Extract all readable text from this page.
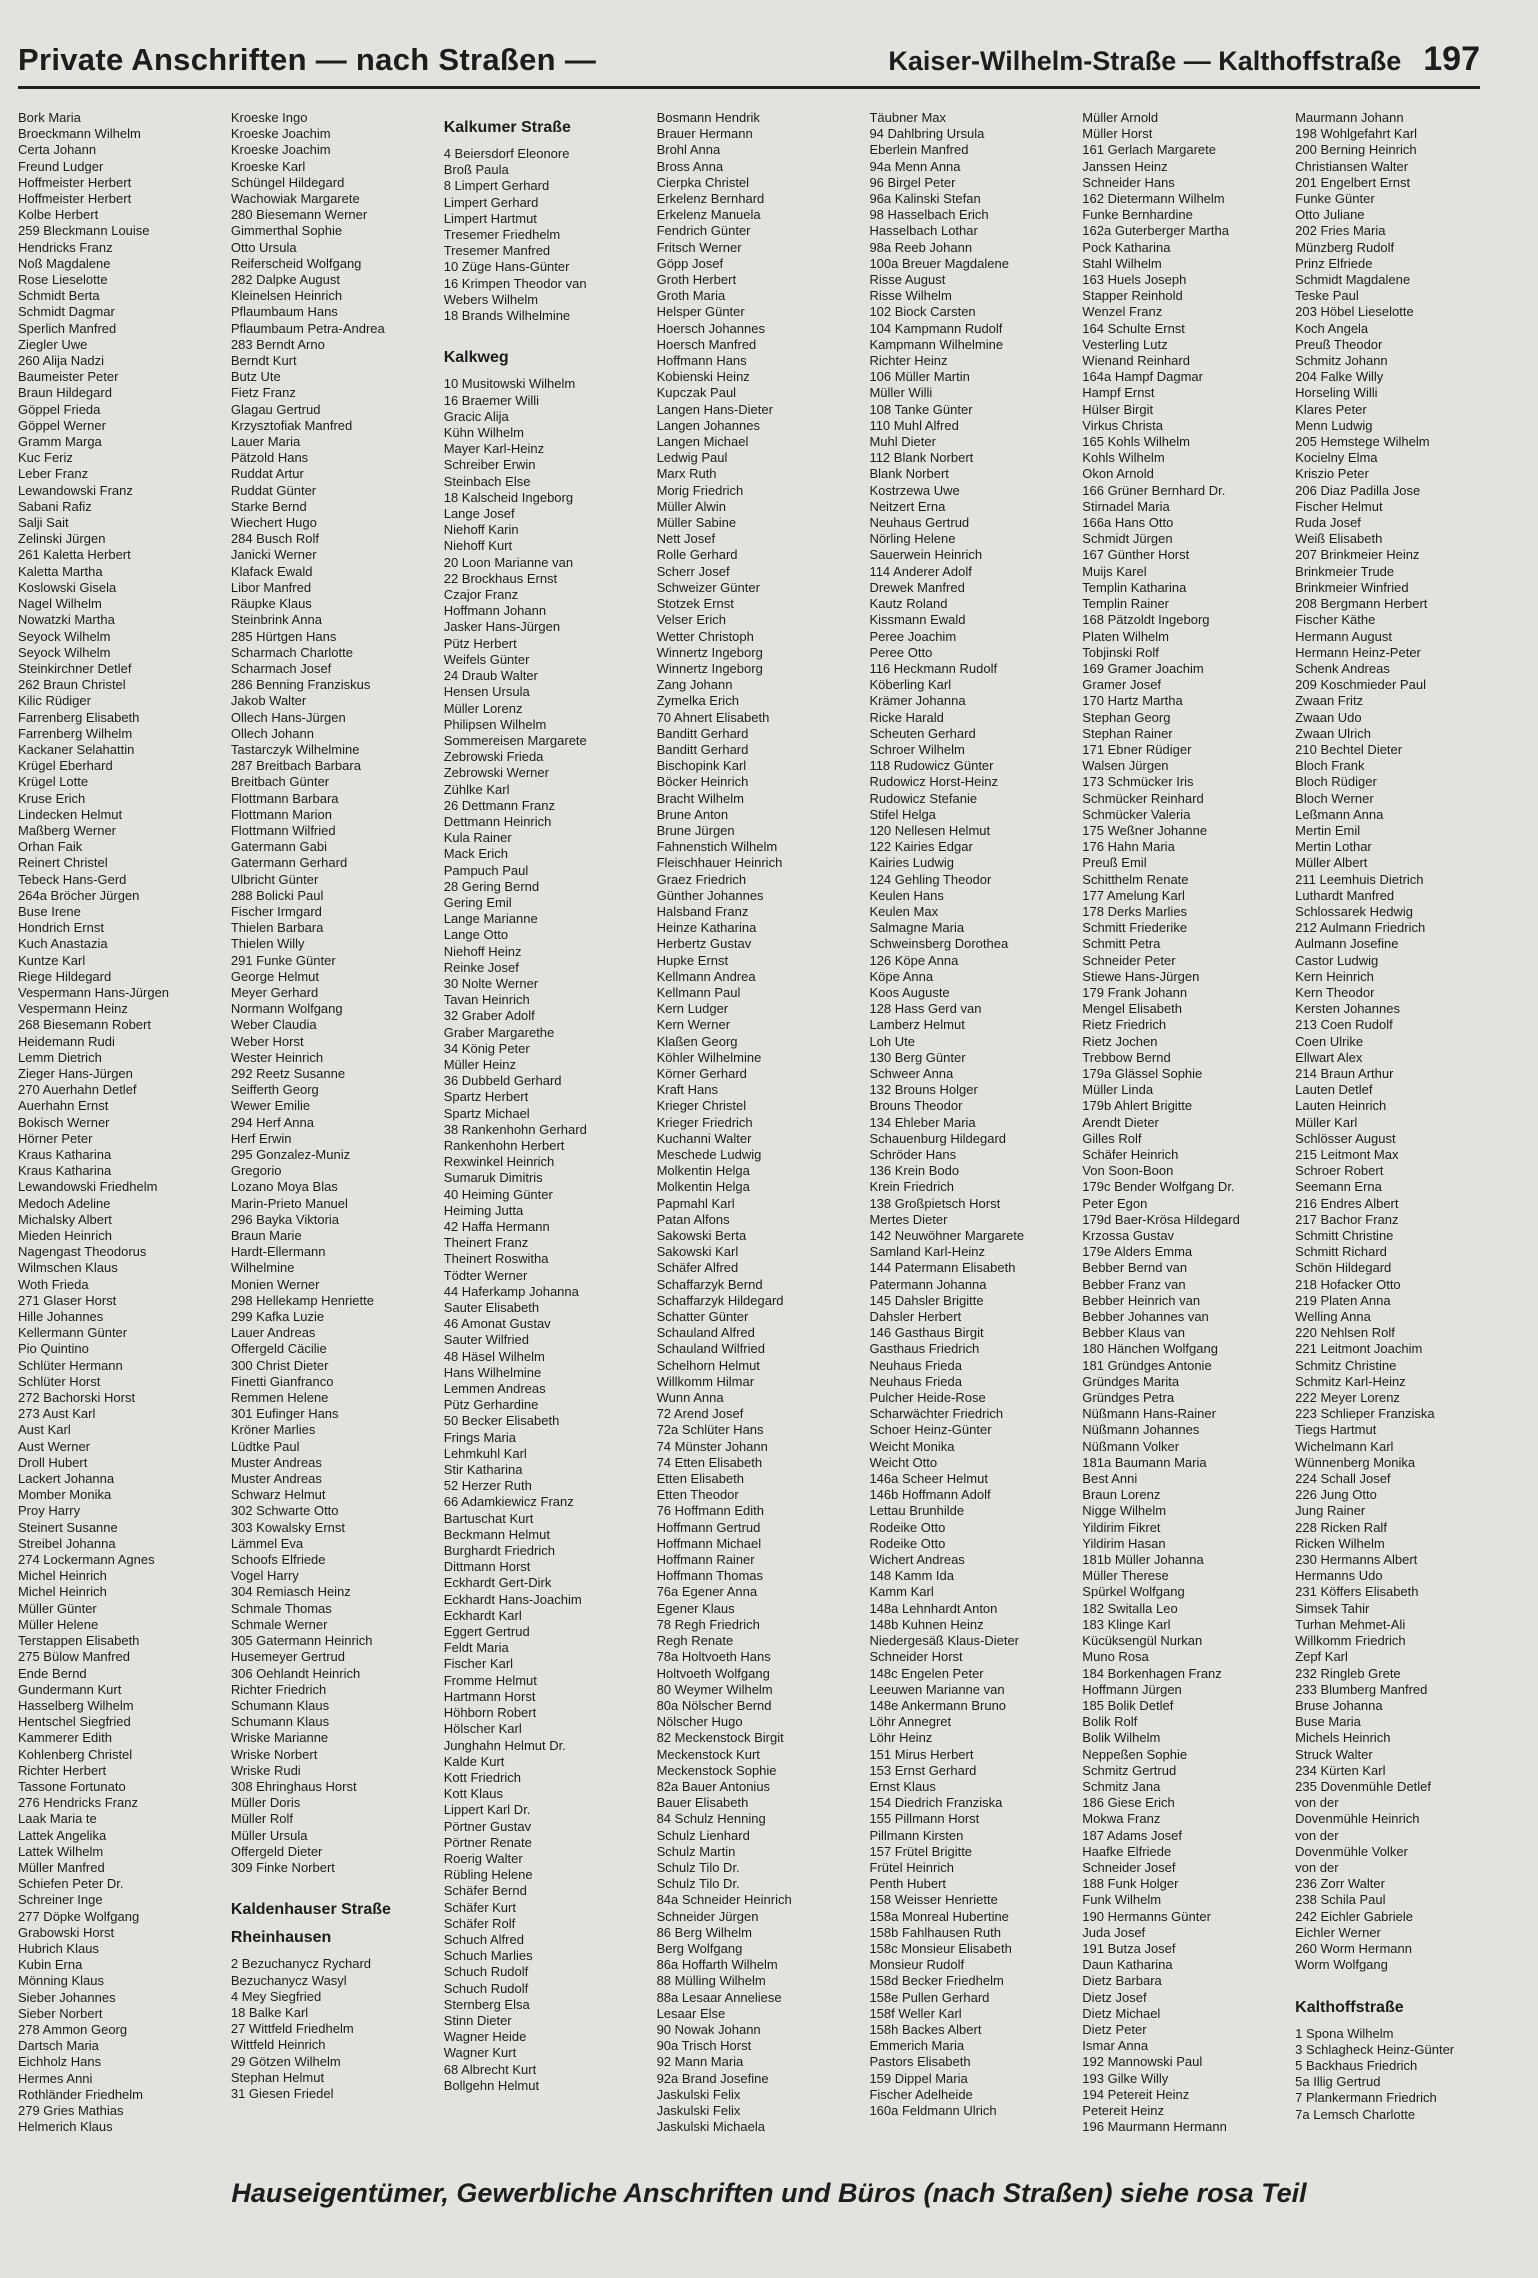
Private Anschriften — nach Straßen —	Kaiser-Wilhelm-Straße — Kalthoffstraße 197
Bork Maria
Broeckmann Wilhelm
Certa Johann
Freund Ludger
Hoffmeister Herbert
Hoffmeister Herbert
Kolbe Herbert
259 Bleckmann Louise
Hendricks Franz
Noß Magdalene
Rose Lieselotte
Schmidt Berta
Schmidt Dagmar
Sperlich Manfred
Ziegler Uwe
260 Alija Nadzi
Baumeister Peter
Braun Hildegard
Göppel Frieda
Göppel Werner
Gramm Marga
Kuc Feriz
Leber Franz
Lewandowski Franz
Sabani Rafiz
Salji Sait
Zelinski Jürgen
261 Kaletta Herbert
Kaletta Martha
Koslowski Gisela
Nagel Wilhelm
Nowatzki Martha
Seyock Wilhelm
Seyock Wilhelm
Steinkirchner Detlef
262 Braun Christel
Kilic Rüdiger
Farrenberg Elisabeth
Farrenberg Wilhelm
Kackaner Selahattin
Krügel Eberhard
Krügel Lotte
Kruse Erich
Lindecken Helmut
Maßberg Werner
Orhan Faik
Reinert Christel
Tebeck Hans-Gerd
264a Bröcher Jürgen
Buse Irene
Hondrich Ernst
Kuch Anastazia
Kuntze Karl
Riege Hildegard
Vespermann Hans-Jürgen
Vespermann Heinz
268 Biesemann Robert
Heidemann Rudi
Lemm Dietrich
Zieger Hans-Jürgen
270 Auerhahn Detlef
Auerhahn Ernst
Bokisch Werner
Hörner Peter
Kraus Katharina
Kraus Katharina
Lewandowski Friedhelm
Medoch Adeline
Michalsky Albert
Mieden Heinrich
Nagengast Theodorus
Wilmschen Klaus
Woth Frieda
271 Glaser Horst
Hille Johannes
Kellermann Günter
Pio Quintino
Schlüter Hermann
Schlüter Horst
272 Bachorski Horst
273 Aust Karl
Aust Karl
Aust Werner
Droll Hubert
Lackert Johanna
Momber Monika
Proy Harry
Steinert Susanne
Streibel Johanna
274 Lockermann Agnes
Michel Heinrich
Michel Heinrich
Müller Günter
Müller Helene
Terstappen Elisabeth
275 Bülow Manfred
Ende Bernd
Gundermann Kurt
Hasselberg Wilhelm
Hentschel Siegfried
Kammerer Edith
Kohlenberg Christel
Richter Herbert
Tassone Fortunato
276 Hendricks Franz
Laak Maria te
Lattek Angelika
Lattek Wilhelm
Müller Manfred
Schiefen Peter Dr.
Schreiner Inge
277 Döpke Wolfgang
Grabowski Horst
Hubrich Klaus
Kubin Erna
Mönning Klaus
Sieber Johannes
Sieber Norbert
278 Ammon Georg
Dartsch Maria
Eichholz Hans
Hermes Anni
Rothländer Friedhelm
279 Gries Mathias
Helmerich Klaus
Kroeske Ingo
Kroeske Joachim
Kroeske Joachim
Kroeske Karl
Schüngel Hildegard
Wachowiak Margarete
280 Biesemann Werner
Gimmerthal Sophie
Otto Ursula
Reiferscheid Wolfgang
282 Dalpke August
Kleinelsen Heinrich
Pflaumbaum Hans
Pflaumbaum Petra-Andrea
283 Berndt Arno
Berndt Kurt
Butz Ute
Fietz Franz
Glagau Gertrud
Krzysztofiak Manfred
Lauer Maria
Pätzold Hans
Ruddat Artur
Ruddat Günter
Starke Bernd
Wiechert Hugo
284 Busch Rolf
Janicki Werner
Klafack Ewald
Libor Manfred
Räupke Klaus
Steinbrink Anna
285 Hürtgen Hans
Scharmach Charlotte
Scharmach Josef
286 Benning Franziskus
Jakob Walter
Ollech Hans-Jürgen
Ollech Johann
Tastarczyk Wilhelmine
287 Breitbach Barbara
Breitbach Günter
Flottmann Barbara
Flottmann Marion
Flottmann Wilfried
Gatermann Gabi
Gatermann Gerhard
Ulbricht Günter
288 Bolicki Paul
Fischer Irmgard
Thielen Barbara
Thielen Willy
291 Funke Günter
George Helmut
Meyer Gerhard
Normann Wolfgang
Weber Claudia
Weber Horst
Wester Heinrich
292 Reetz Susanne
Seifferth Georg
Wewer Emilie
294 Herf Anna
Herf Erwin
295 Gonzalez-Muniz
Gregorio
Lozano Moya Blas
Marin-Prieto Manuel
296 Bayka Viktoria
Braun Marie
Hardt-Ellermann
Wilhelmine
Monien Werner
298 Hellekamp Henriette
299 Kafka Luzie
Lauer Andreas
Offergeld Cäcilie
300 Christ Dieter
Finetti Gianfranco
Remmen Helene
301 Eufinger Hans
Kröner Marlies
Lüdtke Paul
Muster Andreas
Muster Andreas
Schwarz Helmut
302 Schwarte Otto
303 Kowalsky Ernst
Lämmel Eva
Schoofs Elfriede
Vogel Harry
304 Remiasch Heinz
Schmale Thomas
Schmale Werner
305 Gatermann Heinrich
Husemeyer Gertrud
306 Oehlandt Heinrich
Richter Friedrich
Schumann Klaus
Schumann Klaus
Wriske Marianne
Wriske Norbert
Wriske Rudi
308 Ehringhaus Horst
Müller Doris
Müller Rolf
Müller Ursula
Offergeld Dieter
309 Finke Norbert

Kaldenhauser Straße
Rheinhausen
2 Bezuchanycz Rychard
Bezuchanycz Wasyl
4 Mey Siegfried
18 Balke Karl
27 Wittfeld Friedhelm
Wittfeld Heinrich
29 Götzen Wilhelm
Stephan Helmut
31 Giesen Friedel
Kalkumer Straße
4 Beiersdorf Eleonore
Broß Paula
8 Limpert Gerhard
Limpert Gerhard
Limpert Hartmut
Tresemer Friedhelm
Tresemer Manfred
10 Züge Hans-Günter
16 Krimpen Theodor van
Webers Wilhelm
18 Brands Wilhelmine

Kalkweg
10 Musitowski Wilhelm
16 Braemer Willi
Gracic Alija
Kühn Wilhelm
Mayer Karl-Heinz
Schreiber Erwin
Steinbach Else
18 Kalscheid Ingeborg
Lange Josef
Niehoff Karin
Niehoff Kurt
20 Loon Marianne van
22 Brockhaus Ernst
Czajor Franz
Hoffmann Johann
Jasker Hans-Jürgen
Pütz Herbert
Weifels Günter
24 Draub Walter
Hensen Ursula
Müller Lorenz
Philipsen Wilhelm
Sommereisen Margarete
Zebrowski Frieda
Zebrowski Werner
Zühlke Karl
26 Dettmann Franz
Dettmann Heinrich
Kula Rainer
Mack Erich
Pampuch Paul
28 Gering Bernd
Gering Emil
Lange Marianne
Lange Otto
Niehoff Heinz
Reinke Josef
30 Nolte Werner
Tavan Heinrich
32 Graber Adolf
Graber Margarethe
34 König Peter
Müller Heinz
36 Dubbeld Gerhard
Spartz Herbert
Spartz Michael
38 Rankenhohn Gerhard
Rankenhohn Herbert
Rexwinkel Heinrich
Sumaruk Dimitris
40 Heiming Günter
Heiming Jutta
42 Haffa Hermann
Theinert Franz
Theinert Roswitha
Tödter Werner
44 Haferkamp Johanna
Sauter Elisabeth
46 Amonat Gustav
Sauter Wilfried
48 Häsel Wilhelm
Hans Wilhelmine
Lemmen Andreas
Pütz Gerhardine
50 Becker Elisabeth
Frings Maria
Lehmkuhl Karl
Stir Katharina
52 Herzer Ruth
66 Adamkiewicz Franz
Bartuschat Kurt
Beckmann Helmut
Burghardt Friedrich
Dittmann Horst
Eckhardt Gert-Dirk
Eckhardt Hans-Joachim
Eckhardt Karl
Eggert Gertrud
Feldt Maria
Fischer Karl
Fromme Helmut
Hartmann Horst
Höhborn Robert
Hölscher Karl
Junghahn Helmut Dr.
Kalde Kurt
Kott Friedrich
Kott Klaus
Lippert Karl Dr.
Pörtner Gustav
Pörtner Renate
Roerig Walter
Rübling Helene
Schäfer Bernd
Schäfer Kurt
Schäfer Rolf
Schuch Alfred
Schuch Marlies
Schuch Rudolf
Schuch Rudolf
Sternberg Elsa
Stinn Dieter
Wagner Heide
Wagner Kurt
68 Albrecht Kurt
Bollgehn Helmut
Bosmann Hendrik
Brauer Hermann
Brohl Anna
Bross Anna
Cierpka Christel
Erkelenz Bernhard
Erkelenz Manuela
Fendrich Günter
Fritsch Werner
Göpp Josef
Groth Herbert
Groth Maria
Helsper Günter
Hoersch Johannes
Hoersch Manfred
Hoffmann Hans
Kobienski Heinz
Kupczak Paul
Langen Hans-Dieter
Langen Johannes
Langen Michael
Ledwig Paul
Marx Ruth
Morig Friedrich
Müller Alwin
Müller Sabine
Nett Josef
Rolle Gerhard
Scherr Josef
Schweizer Günter
Stotzek Ernst
Velser Erich
Wetter Christoph
Winnertz Ingeborg
Winnertz Ingeborg
Zang Johann
Zymelka Erich
70 Ahnert Elisabeth
Banditt Gerhard
Banditt Gerhard
Bischopink Karl
Böcker Heinrich
Bracht Wilhelm
Brune Anton
Brune Jürgen
Fahnenstich Wilhelm
Fleischhauer Heinrich
Graez Friedrich
Günther Johannes
Halsband Franz
Heinze Katharina
Herbertz Gustav
Hupke Ernst
Kellmann Andrea
Kellmann Paul
Kern Ludger
Kern Werner
Klaßen Georg
Köhler Wilhelmine
Körner Gerhard
Kraft Hans
Krieger Christel
Krieger Friedrich
Kuchanni Walter
Meschede Ludwig
Molkentin Helga
Molkentin Helga
Papmahl Karl
Patan Alfons
Sakowski Berta
Sakowski Karl
Schäfer Alfred
Schaffarzyk Bernd
Schaffarzyk Hildegard
Schatter Günter
Schauland Alfred
Schauland Wilfried
Schelhorn Helmut
Willkomm Hilmar
Wunn Anna
72 Arend Josef
72a Schlüter Hans
74 Münster Johann
74 Etten Elisabeth
Etten Elisabeth
Etten Theodor
76 Hoffmann Edith
Hoffmann Gertrud
Hoffmann Michael
Hoffmann Rainer
Hoffmann Thomas
76a Egener Anna
Egener Klaus
78 Regh Friedrich
Regh Renate
78a Holtvoeth Hans
Holtvoeth Wolfgang
80 Weymer Wilhelm
80a Nölscher Bernd
Nölscher Hugo
82 Meckenstock Birgit
Meckenstock Kurt
Meckenstock Sophie
82a Bauer Antonius
Bauer Elisabeth
84 Schulz Henning
Schulz Lienhard
Schulz Martin
Schulz Tilo Dr.
Schulz Tilo Dr.
84a Schneider Heinrich
Schneider Jürgen
86 Berg Wilhelm
Berg Wolfgang
86a Hoffarth Wilhelm
88 Mülling Wilhelm
88a Lesaar Anneliese
Lesaar Else
90 Nowak Johann
90a Trisch Horst
92 Mann Maria
92a Brand Josefine
Jaskulski Felix
Jaskulski Felix
Jaskulski Michaela
Täubner Max
94 Dahlbring Ursula
Eberlein Manfred
94a Menn Anna
96 Birgel Peter
96a Kalinski Stefan
98 Hasselbach Erich
Hasselbach Lothar
98a Reeb Johann
100a Breuer Magdalene
Risse August
Risse Wilhelm
102 Biock Carsten
104 Kampmann Rudolf
Kampmann Wilhelmine
Richter Heinz
106 Müller Martin
Müller Willi
108 Tanke Günter
110 Muhl Alfred
Muhl Dieter
112 Blank Norbert
Blank Norbert
Kostrzewa Uwe
Neitzert Erna
Neuhaus Gertrud
Nörling Helene
Sauerwein Heinrich
114 Anderer Adolf
Drewek Manfred
Kautz Roland
Kissmann Ewald
Peree Joachim
Peree Otto
116 Heckmann Rudolf
Köberling Karl
Krämer Johanna
Ricke Harald
Scheuten Gerhard
Schroer Wilhelm
118 Rudowicz Günter
Rudowicz Horst-Heinz
Rudowicz Stefanie
Stifel Helga
120 Nellesen Helmut
122 Kairies Edgar
Kairies Ludwig
124 Gehling Theodor
Keulen Hans
Keulen Max
Salmagne Maria
Schweinsberg Dorothea
126 Köpe Anna
Köpe Anna
Koos Auguste
128 Hass Gerd van
Lamberz Helmut
Loh Ute
130 Berg Günter
Schweer Anna
132 Brouns Holger
Brouns Theodor
134 Ehleber Maria
Schauenburg Hildegard
Schröder Hans
136 Krein Bodo
Krein Friedrich
138 Großpietsch Horst
Mertes Dieter
142 Neuwöhner Margarete
Samland Karl-Heinz
144 Patermann Elisabeth
Patermann Johanna
145 Dahsler Brigitte
Dahsler Herbert
146 Gasthaus Birgit
Gasthaus Friedrich
Neuhaus Frieda
Neuhaus Frieda
Pulcher Heide-Rose
Scharwächter Friedrich
Schoer Heinz-Günter
Weicht Monika
Weicht Otto
146a Scheer Helmut
146b Hoffmann Adolf
Lettau Brunhilde
Rodeike Otto
Rodeike Otto
Wichert Andreas
148 Kamm Ida
Kamm Karl
148a Lehnhardt Anton
148b Kuhnen Heinz
Niedergesäß Klaus-Dieter
Schneider Horst
148c Engelen Peter
Leeuwen Marianne van
148e Ankermann Bruno
Löhr Annegret
Löhr Heinz
151 Mirus Herbert
153 Ernst Gerhard
Ernst Klaus
154 Diedrich Franziska
155 Pillmann Horst
Pillmann Kirsten
157 Frütel Brigitte
Frütel Heinrich
Penth Hubert
158 Weisser Henriette
158a Monreal Hubertine
158b Fahlhausen Ruth
158c Monsieur Elisabeth
Monsieur Rudolf
158d Becker Friedhelm
158e Pullen Gerhard
158f Weller Karl
158h Backes Albert
Emmerich Maria
Pastors Elisabeth
159 Dippel Maria
Fischer Adelheide
160a Feldmann Ulrich
Müller Arnold
Müller Horst
161 Gerlach Margarete
Janssen Heinz
Schneider Hans
162 Dietermann Wilhelm
Funke Bernhardine
162a Guterberger Martha
Pock Katharina
Stahl Wilhelm
163 Huels Joseph
Stapper Reinhold
Wenzel Franz
164 Schulte Ernst
Vesterling Lutz
Wienand Reinhard
164a Hampf Dagmar
Hampf Ernst
Hülser Birgit
Virkus Christa
165 Kohls Wilhelm
Kohls Wilhelm
Okon Arnold
166 Grüner Bernhard Dr.
Stirnadel Maria
166a Hans Otto
Schmidt Jürgen
167 Günther Horst
Muijs Karel
Templin Katharina
Templin Rainer
168 Pätzoldt Ingeborg
Platen Wilhelm
Tobjinski Rolf
169 Gramer Joachim
Gramer Josef
170 Hartz Martha
Stephan Georg
Stephan Rainer
171 Ebner Rüdiger
Walsen Jürgen
173 Schmücker Iris
Schmücker Reinhard
Schmücker Valeria
175 Weßner Johanne
176 Hahn Maria
Preuß Emil
Schitthelm Renate
177 Amelung Karl
178 Derks Marlies
Schmitt Friederike
Schmitt Petra
Schneider Peter
Stiewe Hans-Jürgen
179 Frank Johann
Mengel Elisabeth
Rietz Friedrich
Rietz Jochen
Trebbow Bernd
179a Glässel Sophie
Müller Linda
179b Ahlert Brigitte
Arendt Dieter
Gilles Rolf
Schäfer Heinrich
Von Soon-Boon
179c Bender Wolfgang Dr.
Peter Egon
179d Baer-Krösa Hildegard
Krzossa Gustav
179e Alders Emma
Bebber Bernd van
Bebber Franz van
Bebber Heinrich van
Bebber Johannes van
Bebber Klaus van
180 Hänchen Wolfgang
181 Gründges Antonie
Gründges Marita
Gründges Petra
Nüßmann Hans-Rainer
Nüßmann Johannes
Nüßmann Volker
181a Baumann Maria
Best Anni
Braun Lorenz
Nigge Wilhelm
Yildirim Fikret
Yildirim Hasan
181b Müller Johanna
Müller Therese
Spürkel Wolfgang
182 Switalla Leo
183 Klinge Karl
Kücüksengül Nurkan
Muno Rosa
184 Borkenhagen Franz
Hoffmann Jürgen
185 Bolik Detlef
Bolik Rolf
Bolik Wilhelm
Neppeßen Sophie
Schmitz Gertrud
Schmitz Jana
186 Giese Erich
Mokwa Franz
187 Adams Josef
Haafke Elfriede
Schneider Josef
188 Funk Holger
Funk Wilhelm
190 Hermanns Günter
Juda Josef
191 Butza Josef
Daun Katharina
Dietz Barbara
Dietz Josef
Dietz Michael
Dietz Peter
Ismar Anna
192 Mannowski Paul
193 Gilke Willy
194 Petereit Heinz
Petereit Heinz
196 Maurmann Hermann
Maurmann Johann
198 Wohlgefahrt Karl
200 Berning Heinrich
Christiansen Walter
201 Engelbert Ernst
Funke Günter
Otto Juliane
202 Fries Maria
Münzberg Rudolf
Prinz Elfriede
Schmidt Magdalene
Teske Paul
203 Höbel Lieselotte
Koch Angela
Preuß Theodor
Schmitz Johann
204 Falke Willy
Horseling Willi
Klares Peter
Menn Ludwig
205 Hemstege Wilhelm
Kocielny Elma
Kriszio Peter
206 Diaz Padilla Jose
Fischer Helmut
Ruda Josef
Weiß Elisabeth
207 Brinkmeier Heinz
Brinkmeier Trude
Brinkmeier Winfried
208 Bergmann Herbert
Fischer Käthe
Hermann August
Hermann Heinz-Peter
Schenk Andreas
209 Koschmieder Paul
Zwaan Fritz
Zwaan Udo
Zwaan Ulrich
210 Bechtel Dieter
Bloch Frank
Bloch Rüdiger
Bloch Werner
Leßmann Anna
Mertin Emil
Mertin Lothar
Müller Albert
211 Leemhuis Dietrich
Luthardt Manfred
Schlossarek Hedwig
212 Aulmann Friedrich
Aulmann Josefine
Castor Ludwig
Kern Heinrich
Kern Theodor
Kersten Johannes
213 Coen Rudolf
Coen Ulrike
Ellwart Alex
214 Braun Arthur
Lauten Detlef
Lauten Heinrich
Müller Karl
Schlösser August
215 Leitmont Max
Schroer Robert
Seemann Erna
216 Endres Albert
217 Bachor Franz
Schmitt Christine
Schmitt Richard
Schön Hildegard
218 Hofacker Otto
219 Platen Anna
Welling Anna
220 Nehlsen Rolf
221 Leitmont Joachim
Schmitz Christine
Schmitz Karl-Heinz
222 Meyer Lorenz
223 Schlieper Franziska
Tiegs Hartmut
Wichelmann Karl
Wünnenberg Monika
224 Schall Josef
226 Jung Otto
Jung Rainer
228 Ricken Ralf
Ricken Wilhelm
230 Hermanns Albert
Hermanns Udo
231 Köffers Elisabeth
Simsek Tahir
Turhan Mehmet-Ali
Willkomm Friedrich
Zepf Karl
232 Ringleb Grete
233 Blumberg Manfred
Bruse Johanna
Buse Maria
Michels Heinrich
Struck Walter
234 Kürten Karl
235 Dovenmühle Detlef
von der
Dovenmühle Heinrich
von der
Dovenmühle Volker
von der
236 Zorr Walter
238 Schila Paul
242 Eichler Gabriele
Eichler Werner
260 Worm Hermann
Worm Wolfgang

Kalthoffstraße
1 Spona Wilhelm
3 Schlagheck Heinz-Günter
5 Backhaus Friedrich
5a Illig Gertrud
7 Plankermann Friedrich
7a Lemsch Charlotte
Hauseigentümer, Gewerbliche Anschriften und Büros (nach Straßen) siehe rosa Teil
